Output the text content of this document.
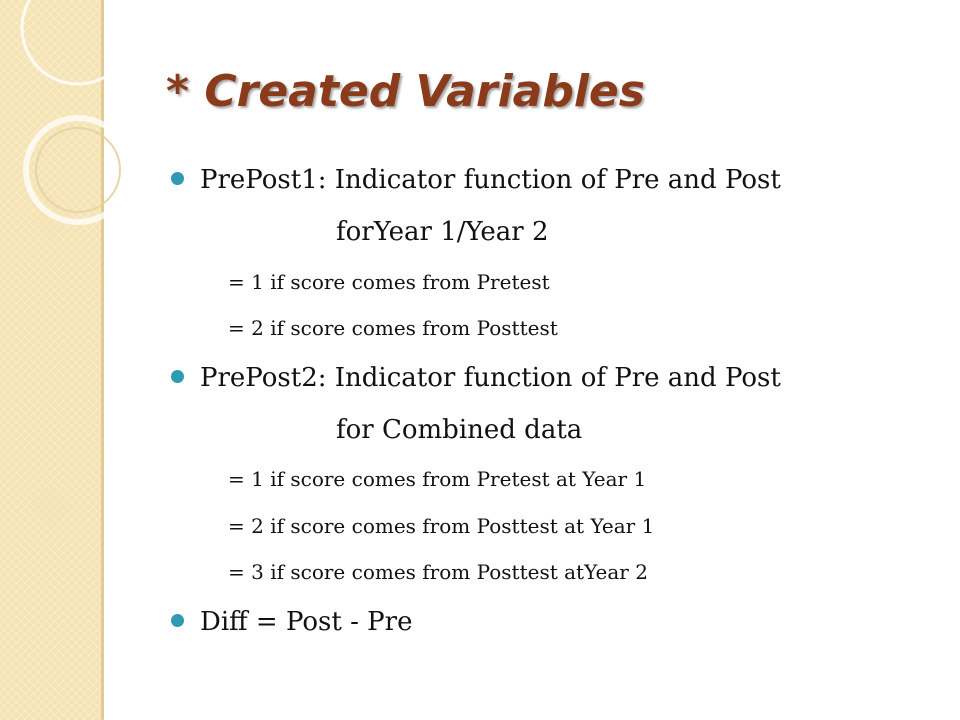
* Created Variables

PrePost1: Indicator function of Pre and Post

forYear 1/Year 2

= 1 if score comes from Pretest

= 2 if score comes from Posttest

PrePost2: Indicator function of Pre and Post

for Combined data

= 1 if score comes from Pretest at Year 1

= 2 if score comes from Posttest at Year 1

= 3 if score comes from Posttest atYear 2

Diff = Post - Pre
